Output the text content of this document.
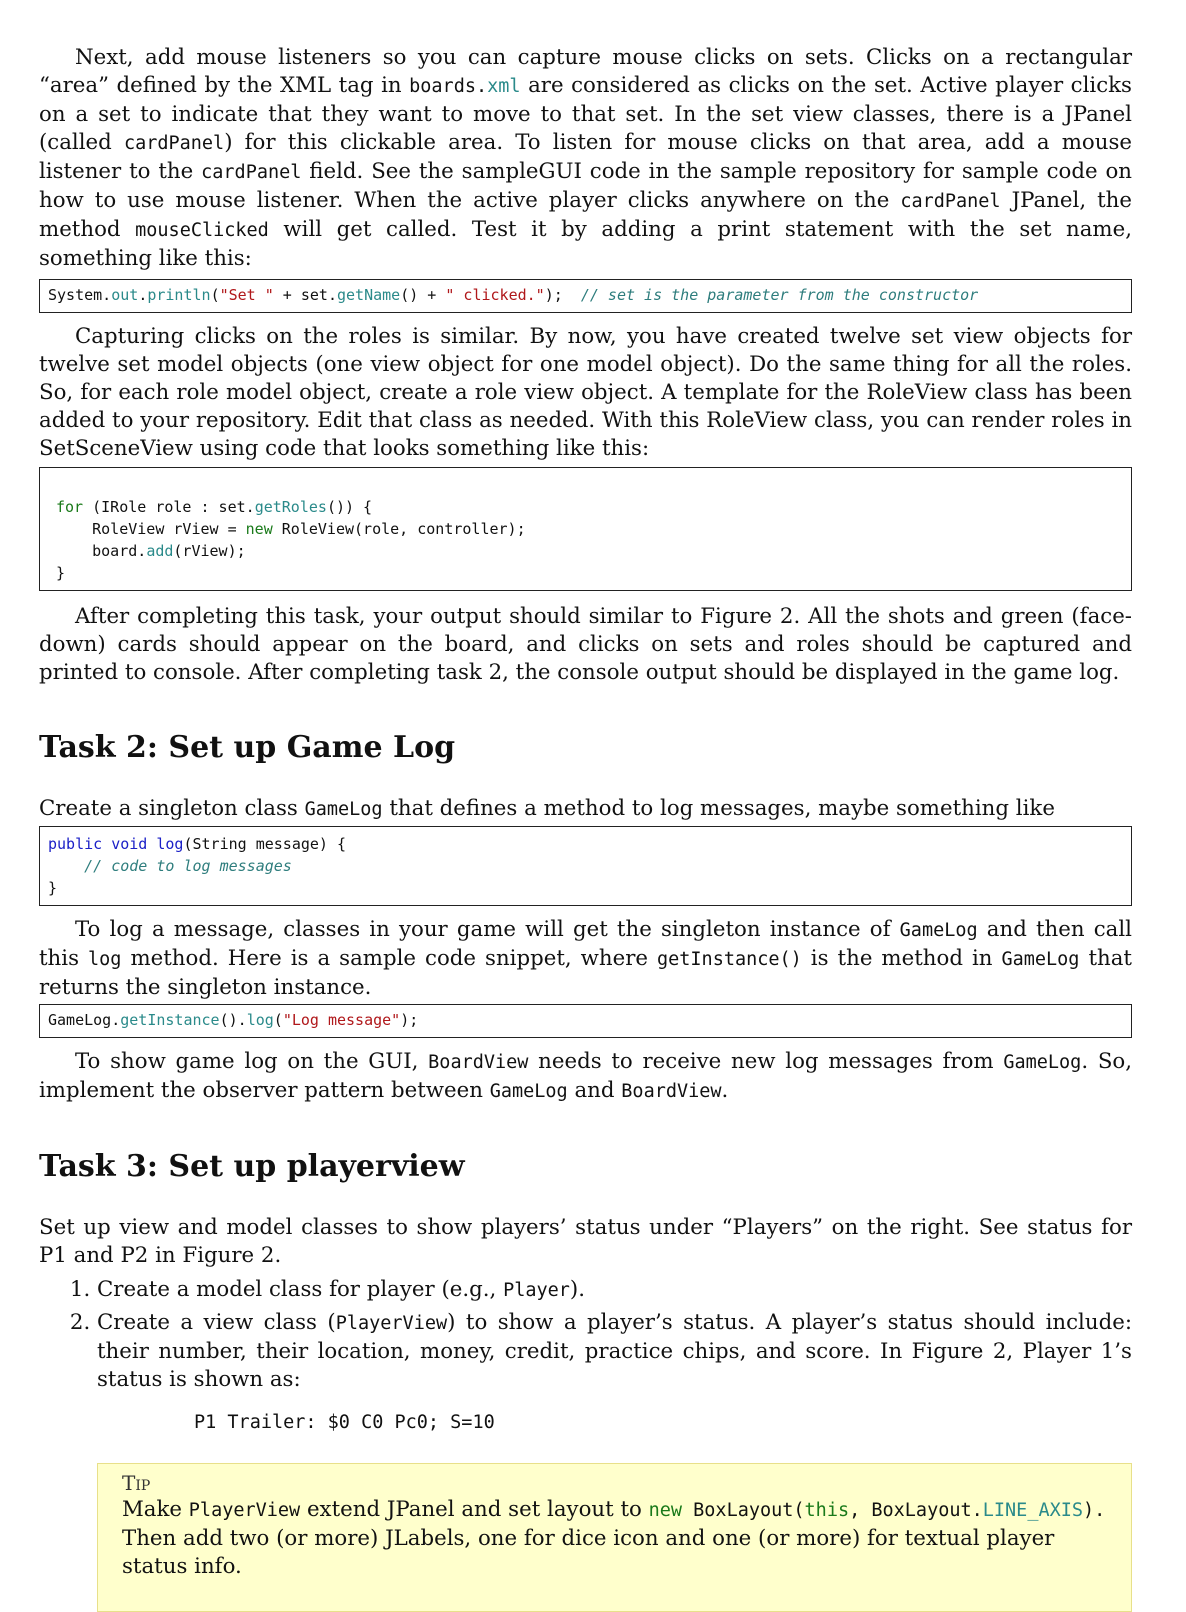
Next, add mouse listeners so you can capture mouse clicks on sets. Clicks on a rectangular “area” defined by the XML tag in boards.xml are considered as clicks on the set. Active player clicks on a set to indicate that they want to move to that set. In the set view classes, there is a JPanel (called cardPanel) for this clickable area. To listen for mouse clicks on that area, add a mouse listener to the cardPanel field. See the sampleGUI code in the sample repository for sample code on how to use mouse listener. When the active player clicks anywhere on the cardPanel JPanel, the method mouseClicked will get called. Test it by adding a print statement with the set name, something like this:

System.out.println("Set " + set.getName() + " clicked.");  // set is the parameter from the constructor

Capturing clicks on the roles is similar. By now, you have created twelve set view objects for twelve set model objects (one view object for one model object). Do the same thing for all the roles. So, for each role model object, create a role view object. A template for the RoleView class has been added to your repository. Edit that class as needed. With this RoleView class, you can render roles in SetSceneView using code that looks something like this:

for (IRole role : set.getRoles()) {
RoleView rView = new RoleView(role, controller);
board.add(rView);
}

After completing this task, your output should similar to Figure 2. All the shots and green (face-down) cards should appear on the board, and clicks on sets and roles should be captured and printed to console. After completing task 2, the console output should be displayed in the game log.

Task 2: Set up Game Log

Create a singleton class GameLog that defines a method to log messages, maybe something like

public void log(String message) {
// code to log messages
}

To log a message, classes in your game will get the singleton instance of GameLog and then call this log method. Here is a sample code snippet, where getInstance() is the method in GameLog that returns the singleton instance.

GameLog.getInstance().log("Log message");

To show game log on the GUI, BoardView needs to receive new log messages from GameLog. So, implement the observer pattern between GameLog and BoardView.

Task 3: Set up playerview

Set up view and model classes to show players’ status under “Players” on the right. See status for P1 and P2 in Figure 2.

1. Create a model class for player (e.g., Player).
2. Create a view class (PlayerView) to show a player’s status. A player’s status should include: their number, their location, money, credit, practice chips, and score. In Figure 2, Player 1’s status is shown as:
P1 Trailer: $0 C0 Pc0; S=10
Tip

Make PlayerView extend JPanel and set layout to new BoxLayout(this, BoxLayout.LINE_AXIS). Then add two (or more) JLabels, one for dice icon and one (or more) for textual player status info.
